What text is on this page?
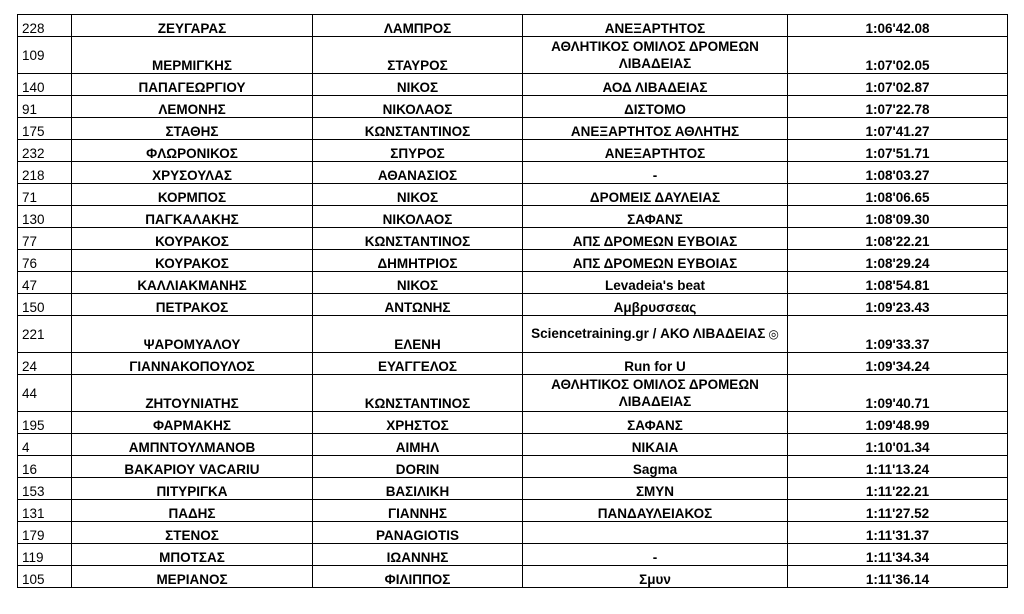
228	ΖΕΥΓΑΡΑΣ	ΛΑΜΠΡΟΣ	ΑΝΕΞΑΡΤΗΤΟΣ	1:06'42.08
109	ΜΕΡΜΙΓΚΗΣ	ΣΤΑΥΡΟΣ	ΑΘΛΗΤΙΚΟΣ ΟΜΙΛΟΣ ΔΡΟΜΕΩΝ ΛΙΒΑΔΕΙΑΣ	1:07'02.05
140	ΠΑΠΑΓΕΩΡΓΙΟΥ	ΝΙΚΟΣ	ΑΟΔ ΛΙΒΑΔΕΙΑΣ	1:07'02.87
91	ΛΕΜΟΝΗΣ	ΝΙΚΟΛΑΟΣ	ΔΙΣΤΟΜΟ	1:07'22.78
175	ΣΤΑΘΗΣ	ΚΩΝΣΤΑΝΤΙΝΟΣ	ΑΝΕΞΑΡΤΗΤΟΣ ΑΘΛΗΤΗΣ	1:07'41.27
232	ΦΛΩΡΟΝΙΚΟΣ	ΣΠΥΡΟΣ	ΑΝΕΞΑΡΤΗΤΟΣ	1:07'51.71
218	ΧΡΥΣΟΥΛΑΣ	ΑΘΑΝΑΣΙΟΣ	-	1:08'03.27
71	ΚΟΡΜΠΟΣ	ΝΙΚΟΣ	ΔΡΟΜΕΙΣ ΔΑΥΛΕΙΑΣ	1:08'06.65
130	ΠΑΓΚΑΛΑΚΗΣ	ΝΙΚΟΛΑΟΣ	ΣΑΦΑΝΣ	1:08'09.30
77	ΚΟΥΡΑΚΟΣ	ΚΩΝΣΤΑΝΤΙΝΟΣ	ΑΠΣ ΔΡΟΜΕΩΝ ΕΥΒΟΙΑΣ	1:08'22.21
76	ΚΟΥΡΑΚΟΣ	ΔΗΜΗΤΡΙΟΣ	ΑΠΣ ΔΡΟΜΕΩΝ ΕΥΒΟΙΑΣ	1:08'29.24
47	ΚΑΛΛΙΑΚΜΑΝΗΣ	ΝΙΚΟΣ	Levadeia's beat	1:08'54.81
150	ΠΕΤΡΑΚΟΣ	ΑΝΤΩΝΗΣ	Αμβρυσσεας	1:09'23.43
221	ΨΑΡΟΜΥΑΛΟΥ	ΕΛΕΝΗ	Sciencetraining.gr / ΑΚΟ ΛΙΒΑΔΕΙΑΣ ◎	1:09'33.37
24	ΓΙΑΝΝΑΚΟΠΟΥΛΟΣ	ΕΥΑΓΓΕΛΟΣ	Run for U	1:09'34.24
44	ΖΗΤΟΥΝΙΑΤΗΣ	ΚΩΝΣΤΑΝΤΙΝΟΣ	ΑΘΛΗΤΙΚΟΣ ΟΜΙΛΟΣ ΔΡΟΜΕΩΝ ΛΙΒΑΔΕΙΑΣ	1:09'40.71
195	ΦΑΡΜΑΚΗΣ	ΧΡΗΣΤΟΣ	ΣΑΦΑΝΣ	1:09'48.99
4	ΑΜΠΝΤΟΥΛΜΑΝΟΒ	ΑΙΜΗΛ	ΝΙΚΑΙΑ	1:10'01.34
16	ΒΑΚΑΡΙΟΥ VACARIU	DORIN	Sagma	1:11'13.24
153	ΠΙΤΥΡΙΓΚΑ	ΒΑΣΙΛΙΚΗ	ΣΜΥΝ	1:11'22.21
131	ΠΑΔΗΣ	ΓΙΑΝΝΗΣ	ΠΑΝΔΑΥΛΕΙΑΚΟΣ	1:11'27.52
179	ΣΤΕΝΟΣ	PANAGIOTIS		1:11'31.37
119	ΜΠΟΤΣΑΣ	ΙΩΑΝΝΗΣ	-	1:11'34.34
105	ΜΕΡΙΑΝΟΣ	ΦΙΛΙΠΠΟΣ	Σμυν	1:11'36.14
